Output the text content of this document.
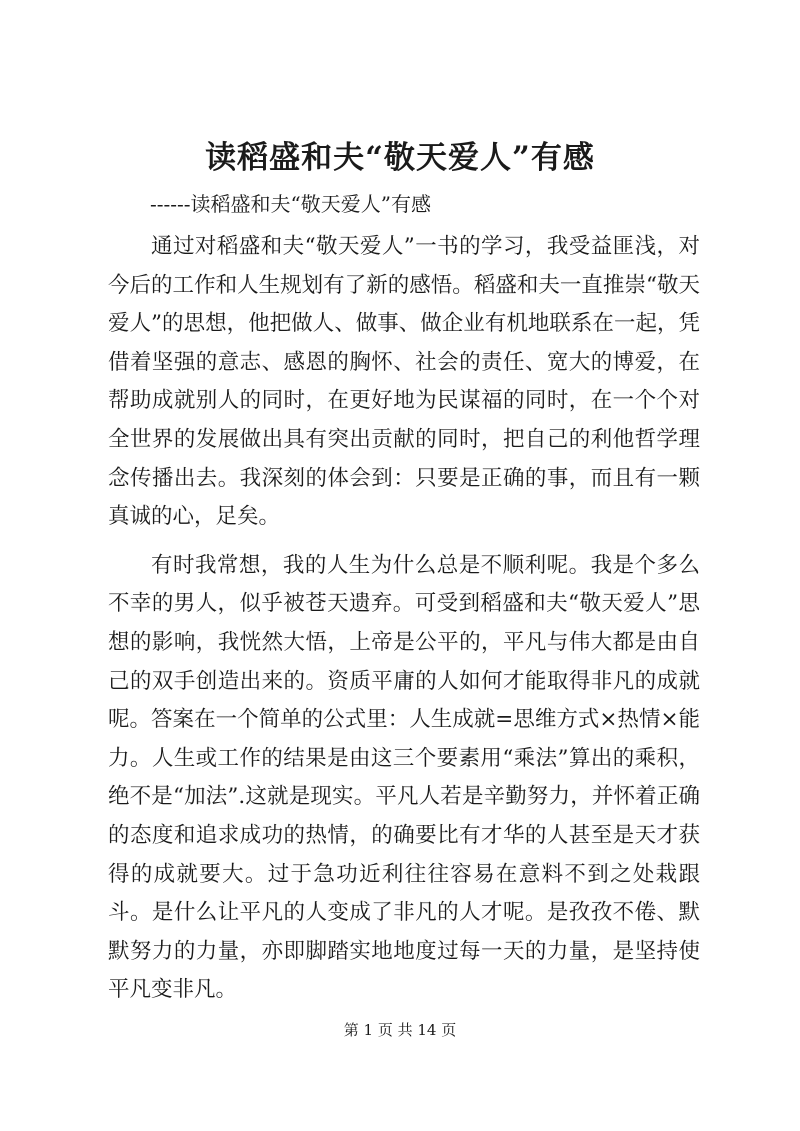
读稻盛和夫“敬天爱人”有感
------读稻盛和夫“敬天爱人”有感

通过对稻盛和夫“敬天爱人”一书的学习，我受益匪浅，对今后的工作和人生规划有了新的感悟。稻盛和夫一直推崇“敬天爱人”的思想，他把做人、做事、做企业有机地联系在一起，凭借着坚强的意志、感恩的胸怀、社会的责任、宽大的博爱，在帮助成就别人的同时，在更好地为民谋福的同时，在一个个对全世界的发展做出具有突出贡献的同时，把自己的利他哲学理念传播出去。我深刻的体会到：只要是正确的事，而且有一颗真诚的心，足矣。

有时我常想，我的人生为什么总是不顺利呢。我是个多么不幸的男人，似乎被苍天遗弃。可受到稻盛和夫“敬天爱人”思想的影响，我恍然大悟，上帝是公平的，平凡与伟大都是由自己的双手创造出来的。资质平庸的人如何才能取得非凡的成就呢。答案在一个简单的公式里：人生成就=思维方式×热情×能力。人生或工作的结果是由这三个要素用“乘法”算出的乘积，绝不是“加法”.这就是现实。平凡人若是辛勤努力，并怀着正确的态度和追求成功的热情，的确要比有才华的人甚至是天才获得的成就要大。过于急功近利往往容易在意料不到之处栽跟斗。是什么让平凡的人变成了非凡的人才呢。是孜孜不倦、默默努力的力量，亦即脚踏实地地度过每一天的力量，是坚持使平凡变非凡。

第 1 页 共 14 页
